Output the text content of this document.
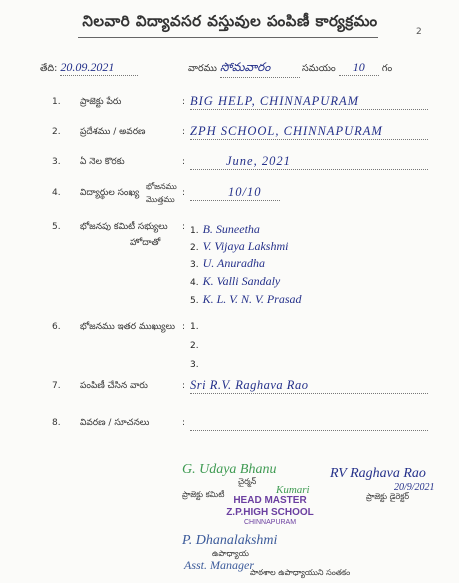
నిలవారి విద్యావసర వస్తువుల పంపిణీ కార్యక్రమం
2
తేది: 20.09.2021	వారము సోమవారం	సమయం 10 గం
1. ప్రాజెక్టు పేరు	: BIG HELP, CHINNAPURAM
2. ప్రదేశము / అవరణ	: ZPH SCHOOL, CHINNAPURAM
3. ఏ నెల కొరకు	:	June, 2021
4. విద్యార్థుల సంఖ్య
భోజనము
మొత్తము
:	10/10
5. భోజనపు కమిటీ సభ్యులు :
హోదాతో
1. B. Suneetha
2. V. Vijaya Lakshmi
3. U. Anuradha
4. K. Valli Sandaly
5. K. L. V. N. V. Prasad
6. భోజనము ఇతర ముఖ్యులు : 1.
2.
3.
7. పంపిణీ చేసిన వారు	: Sri R.V. Raghava Rao
8. వివరణ / సూచనలు	:
G. Udaya Bhanu
Kumari
చైర్మన్
ప్రాజెక్టు కమిటీ
RV Raghava Rao
20/9/2021
ప్రాజెక్టు డైరెక్టర్
HEAD MASTER
Z.P.HIGH SCHOOL
CHINNAPURAM
P. Dhanalakshmi
Asst. Manager
ఉపాధ్యాయ
పాఠశాల ఉపాధ్యాయుని సంతకం
